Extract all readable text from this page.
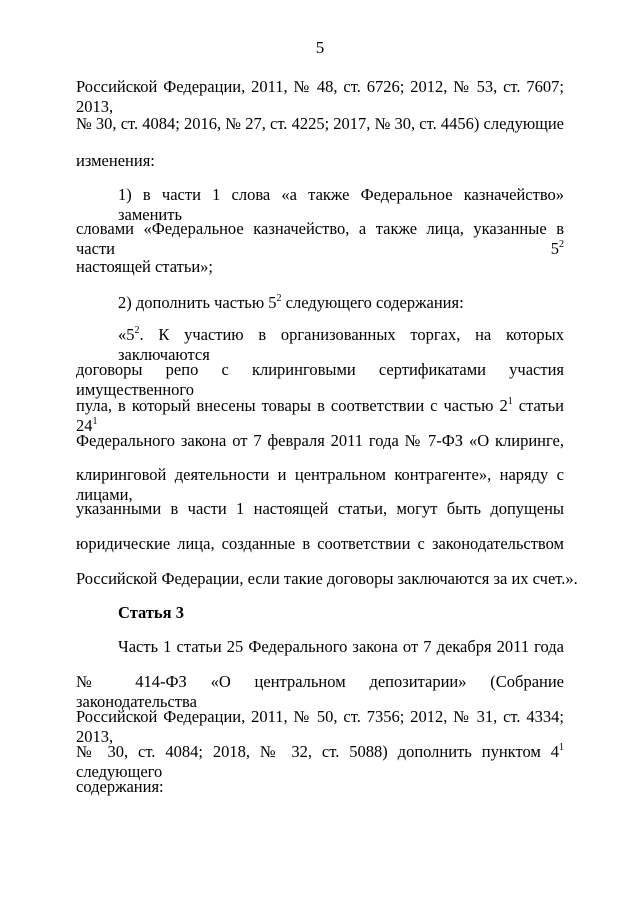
5
Российской Федерации, 2011, № 48, ст. 6726; 2012, № 53, ст. 7607; 2013,
№ 30, ст. 4084; 2016, № 27, ст. 4225; 2017, № 30, ст. 4456) следующие
изменения:
1) в части 1 слова «а также Федеральное казначейство» заменить
словами «Федеральное казначейство, а также лица, указанные в части $5^2$
настоящей статьи»;
2) дополнить частью $5^2$ следующего содержания:
«$5^2$. К участию в организованных торгах, на которых заключаются
договоры репо с клиринговыми сертификатами участия имущественного
пула, в который внесены товары в соответствии с частью $2^1$ статьи $24^1$
Федерального закона от 7 февраля 2011 года № 7-ФЗ «О клиринге,
клиринговой деятельности и центральном контрагенте», наряду с лицами,
указанными в части 1 настоящей статьи, могут быть допущены
юридические лица, созданные в соответствии с законодательством
Российской Федерации, если такие договоры заключаются за их счет.».
Статья 3
Часть 1 статьи 25 Федерального закона от 7 декабря 2011 года
№ 414-ФЗ «О центральном депозитарии» (Собрание законодательства
Российской Федерации, 2011, № 50, ст. 7356; 2012, № 31, ст. 4334; 2013,
№ 30, ст. 4084; 2018, № 32, ст. 5088) дополнить пунктом $4^1$ следующего
содержания:
